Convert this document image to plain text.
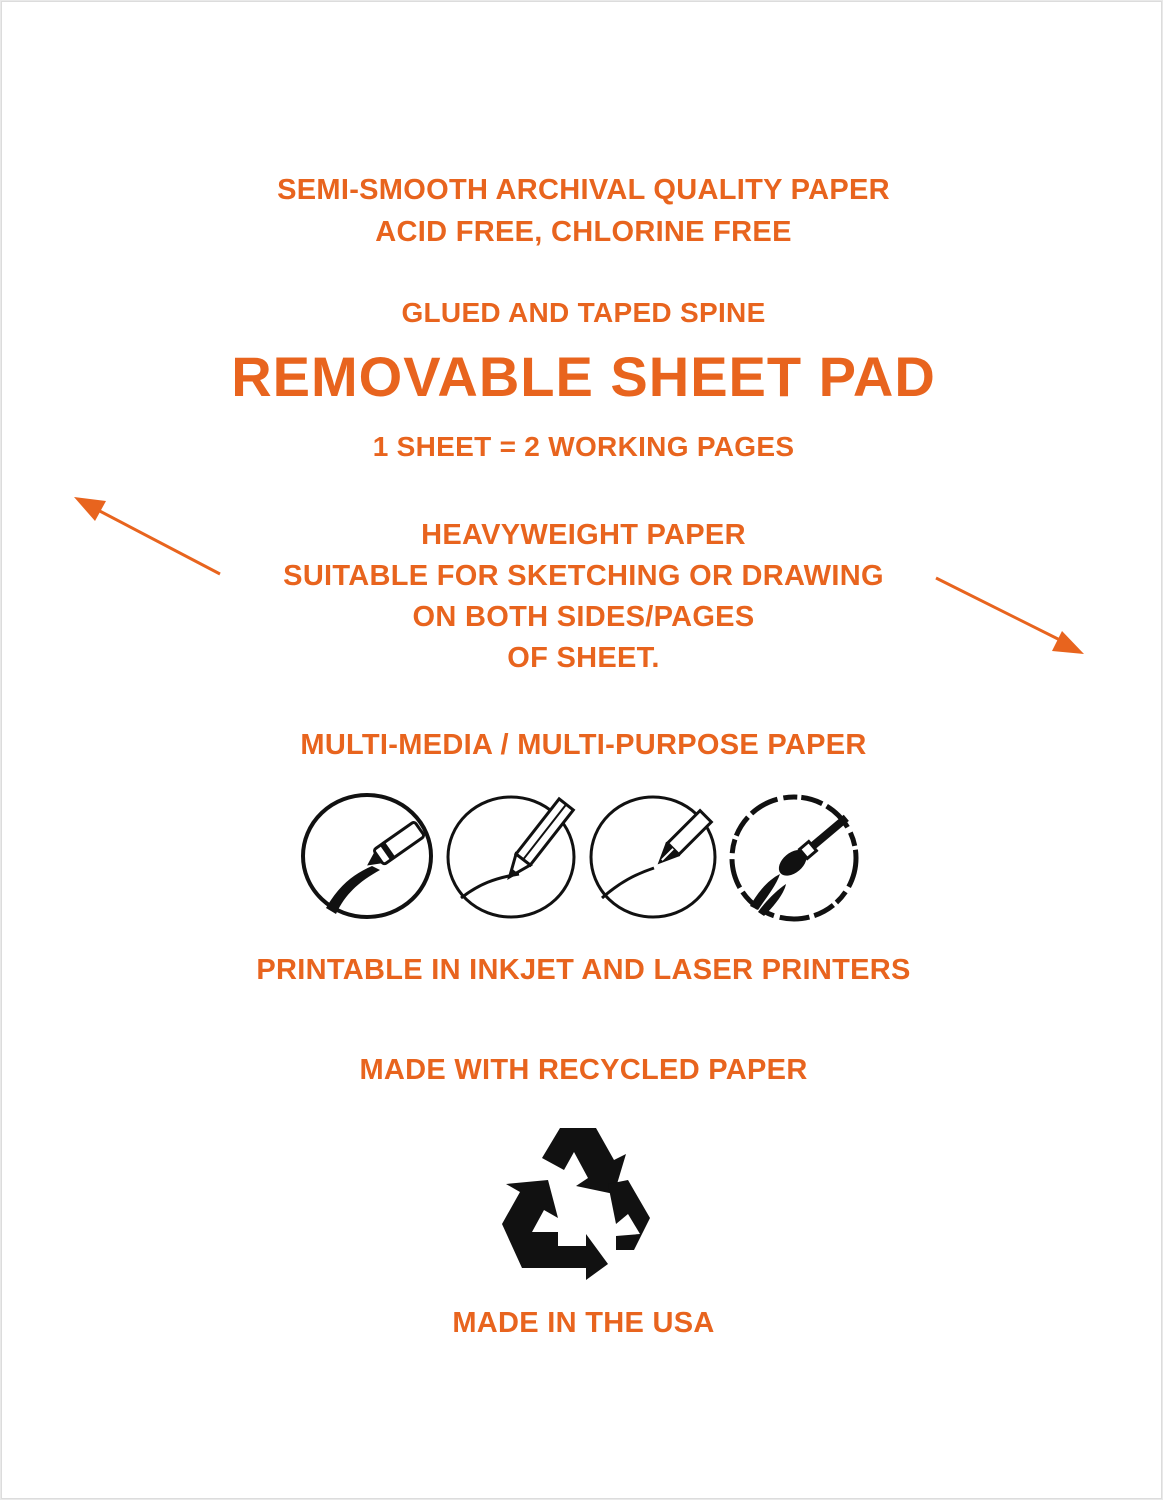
SEMI-SMOOTH ARCHIVAL QUALITY PAPER
ACID FREE, CHLORINE FREE
GLUED AND TAPED SPINE
REMOVABLE SHEET PAD
1 SHEET = 2 WORKING PAGES
HEAVYWEIGHT PAPER
SUITABLE FOR SKETCHING OR DRAWING
ON BOTH SIDES/PAGES
OF SHEET.
MULTI-MEDIA / MULTI-PURPOSE PAPER
PRINTABLE IN INKJET AND LASER PRINTERS
MADE WITH RECYCLED PAPER
MADE IN THE USA
